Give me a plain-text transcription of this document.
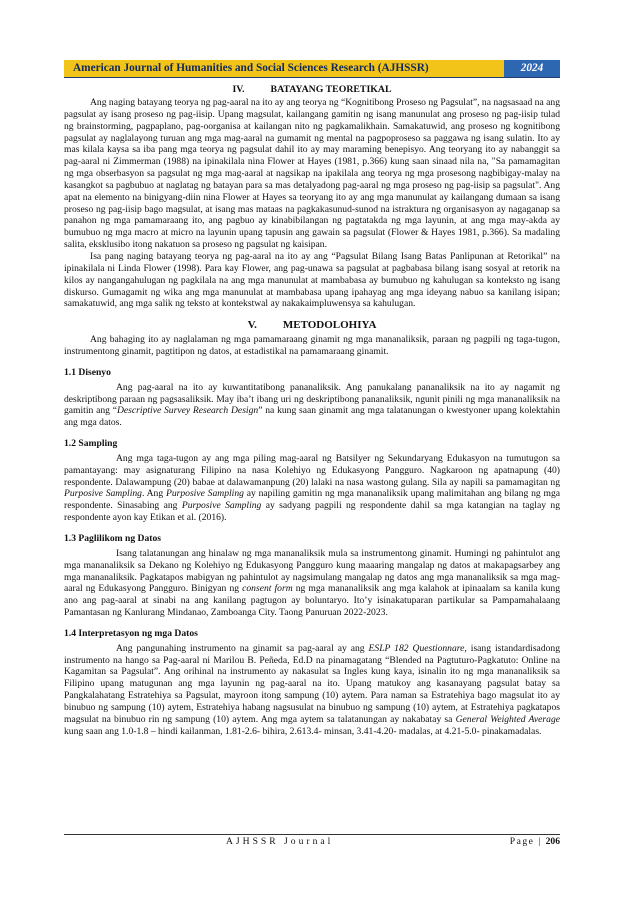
American Journal of Humanities and Social Sciences Research (AJHSSR)	2024
IV.	BATAYANG TEORETIKAL

Ang naging batayang teorya ng pag-aaral na ito ay ang teorya ng “Kognitibong Proseso ng Pagsulat”, na nagsasaad na ang pagsulat ay isang proseso ng pag-iisip. Upang magsulat, kailangang gamitin ng isang manunulat ang proseso ng pag-iisip tulad ng brainstorming, pagpaplano, pag-oorganisa at kailangan nito ng pagkamalikhain. Samakatuwid, ang proseso ng kognitibong pagsulat ay naglalayong turuan ang mga mag-aaral na gumamit ng mental na pagpoproseso sa paggawa ng isang sulatin. Ito ay mas kilala kaysa sa iba pang mga teorya ng pagsulat dahil ito ay may maraming benepisyo. Ang teoryang ito ay nabanggit sa pag-aaral ni Zimmerman (1988) na ipinakilala nina Flower at Hayes (1981, p.366) kung saan sinaad nila na, "Sa pamamagitan ng mga obserbasyon sa pagsulat ng mga mag-aaral at nagsikap na ipakilala ang teorya ng mga prosesong nagbibigay-malay na kasangkot sa pagbubuo at naglatag ng batayan para sa mas detalyadong pag-aaral ng mga proseso ng pag-iisip sa pagsulat". Ang apat na elemento na binigyang-diin nina Flower at Hayes sa teoryang ito ay ang mga manunulat ay kailangang dumaan sa isang proseso ng pag-iisip bago magsulat, at isang mas mataas na pagkakasunud-sunod na istraktura ng organisasyon ay nagaganap sa panahon ng mga pamamaraang ito, ang pagbuo ay kinabibilangan ng pagtatakda ng mga layunin, at ang mga may-akda ay bumubuo ng mga macro at micro na layunin upang tapusin ang gawain sa pagsulat (Flower & Hayes 1981, p.366). Sa madaling salita, eksklusibo itong nakatuon sa proseso ng pagsulat ng kaisipan.

Isa pang naging batayang teorya ng pag-aaral na ito ay ang “Pagsulat Bilang Isang Batas Panlipunan at Retorikal” na ipinakilala ni Linda Flower (1998). Para kay Flower, ang pag-unawa sa pagsulat at pagbabasa bilang isang sosyal at retorik na kilos ay nangangahulugan ng pagkilala na ang mga manunulat at mambabasa ay bumubuo ng kahulugan sa konteksto ng isang diskurso. Gumagamit ng wika ang mga manunulat at mambabasa upang ipahayag ang mga ideyang nabuo sa kanilang isipan; samakatuwid, ang mga salik ng teksto at kontekstwal ay nakakaimpluwensya sa kahulugan.

V. METODOLOHIYA

Ang bahaging ito ay naglalaman ng mga pamamaraang ginamit ng mga mananaliksik, paraan ng pagpili ng taga-tugon, instrumentong ginamit, pagtitipon ng datos, at estadistikal na pamamaraang ginamit.

1.1 Disenyo

Ang pag-aaral na ito ay kuwantitatibong pananaliksik. Ang panukalang pananaliksik na ito ay nagamit ng deskriptibong paraan ng pagsasaliksik. May iba’t ibang uri ng deskriptibong pananaliksik, ngunit pinili ng mga mananaliksik na gamitin ang “Descriptive Survey Research Design” na kung saan ginamit ang mga talatanungan o kwestyoner upang kolektahin ang mga datos.

1.2 Sampling

Ang mga taga-tugon ay ang mga piling mag-aaral ng Batsilyer ng Sekundaryang Edukasyon na tumutugon sa pamantayang: may asignaturang Filipino na nasa Kolehiyo ng Edukasyong Pangguro. Nagkaroon ng apatnapung (40) respondente. Dalawampung (20) babae at dalawamanpung (20) lalaki na nasa wastong gulang. Sila ay napili sa pamamagitan ng Purposive Sampling. Ang Purposive Sampling ay napiling gamitin ng mga mananaliksik upang malimitahan ang bilang ng mga respondente. Sinasabing ang Purposive Sampling ay sadyang pagpili ng respondente dahil sa mga katangian na taglay ng respondente ayon kay Etikan et al. (2016).

1.3 Paglilikom ng Datos

Isang talatanungan ang hinalaw ng mga mananaliksik mula sa instrumentong ginamit. Humingi ng pahintulot ang mga mananaliksik sa Dekano ng Kolehiyo ng Edukasyong Pangguro kung maaaring mangalap ng datos at makapagsarbey ang mga mananaliksik. Pagkatapos mabigyan ng pahintulot ay nagsimulang mangalap ng datos ang mga mananaliksik sa mga mag-aaral ng Edukasyong Pangguro. Binigyan ng consent form ng mga mananaliksik ang mga kalahok at ipinaalam sa kanila kung ano ang pag-aaral at sinabi na ang kanilang pagtugon ay boluntaryo. Ito’y isinakatuparan partikular sa Pampamahalaang Pamantasan ng Kanlurang Mindanao, Zamboanga City. Taong Panuruan 2022-2023.

1.4 Interpretasyon ng mga Datos

Ang pangunahing instrumento na ginamit sa pag-aaral ay ang ESLP 182 Questionnare, isang istandardisadong instrumento na hango sa Pag-aaral ni Marilou B. Peñeda, Ed.D na pinamagatang “Blended na Pagtuturo-Pagkatuto: Online na Kagamitan sa Pagsulat”. Ang orihinal na instrumento ay nakasulat sa Ingles kung kaya, isinalin ito ng mga mananaliksik sa Filipino upang matugunan ang mga layunin ng pag-aaral na ito. Upang matukoy ang kasanayang pagsulat batay sa Pangkalahatang Estratehiya sa Pagsulat, mayroon itong sampung (10) aytem. Para naman sa Estratehiya bago magsulat ito ay binubuo ng sampung (10) aytem, Estratehiya habang nagsusulat na binubuo ng sampung (10) aytem, at Estratehiya pagkatapos magsulat na binubuo rin ng sampung (10) aytem. Ang mga aytem sa talatanungan ay nakabatay sa General Weighted Average kung saan ang 1.0-1.8 – hindi kailanman, 1.81-2.6- bihira, 2.613.4- minsan, 3.41-4.20- madalas, at 4.21-5.0- pinakamadalas.

AJHSSR Journal	Page | 206
